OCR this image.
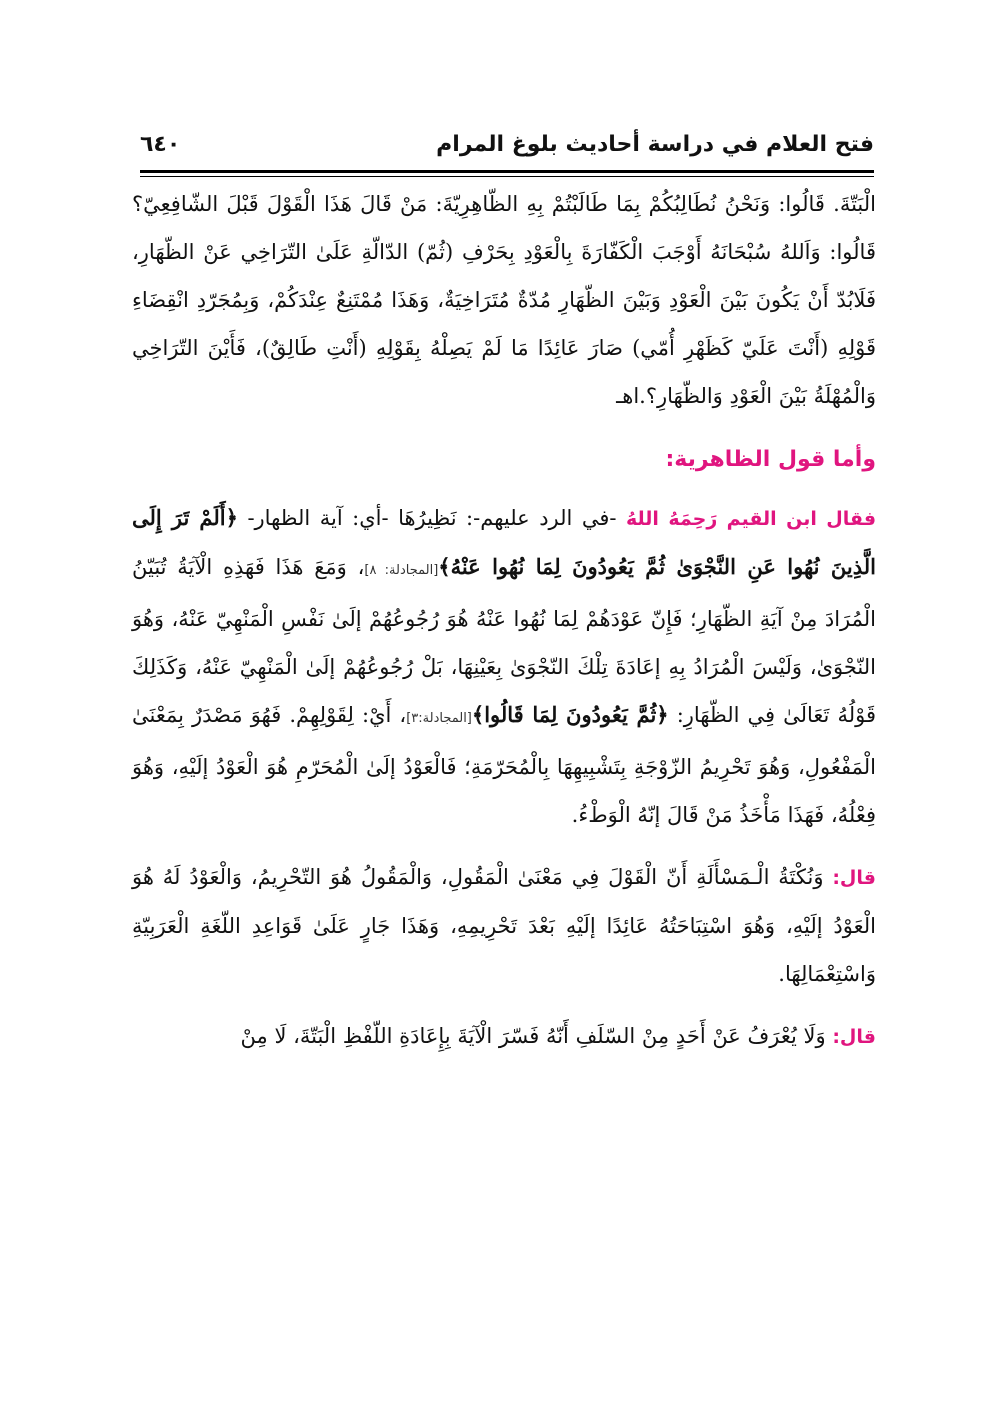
فتح العلام في دراسة أحاديث بلوغ المرام
٦٤٠

الْبَتّةَ. قَالُوا: وَنَحْنُ نُطَالِبُكُمْ بِمَا طَالَبْتُمْ بِهِ الظّاهِرِيّةَ: مَنْ قَالَ هَذَا الْقَوْلَ قَبْلَ الشّافِعِيّ؟ قَالُوا: وَاَللهُ سُبْحَانَهُ أَوْجَبَ الْكَفّارَةَ بِالْعَوْدِ بِحَرْفِ (ثُمّ) الدّالّةِ عَلَىٰ التّرَاخِي عَنْ الظّهَارِ، فَلَابُدّ أَنْ يَكُونَ بَيْنَ الْعَوْدِ وَبَيْنَ الظّهَارِ مُدّةٌ مُتَرَاخِيَةٌ، وَهَذَا مُمْتَنِعٌ عِنْدَكُمْ، وَبِمُجَرّدِ انْقِضَاءِ قَوْلِهِ (أَنْتَ عَلَيّ كَظَهْرِ أُمّي) صَارَ عَائِدًا مَا لَمْ يَصِلْهُ بِقَوْلِهِ (أَنْتِ طَالِقٌ)، فَأَيْنَ التّرَاخِي وَالْمُهْلَةُ بَيْنَ الْعَوْدِ وَالظّهَارِ؟.اهـ

وأما قول الظاهرية:

فقال ابن القيم رَحِمَهُ اللهُ -في الرد عليهم-: نَظِيرُهَا -أي: آية الظهار- ﴿أَلَمْ تَرَ إِلَى الَّذِينَ نُهُوا عَنِ النَّجْوَىٰ ثُمَّ يَعُودُونَ لِمَا نُهُوا عَنْهُ﴾[المجادلة: ٨]، وَمَعَ هَذَا فَهَذِهِ الْآيَةُ تُبَيّنُ الْمُرَادَ مِنْ آيَةِ الظّهَارِ؛ فَإِنّ عَوْدَهُمْ لِمَا نُهُوا عَنْهُ هُوَ رُجُوعُهُمْ إلَىٰ نَفْسِ الْمَنْهِيّ عَنْهُ، وَهُوَ النّجْوَىٰ، وَلَيْسَ الْمُرَادُ بِهِ إعَادَةَ تِلْكَ النّجْوَىٰ بِعَيْنِهَا، بَلْ رُجُوعُهُمْ إلَىٰ الْمَنْهِيّ عَنْهُ، وَكَذَلِكَ قَوْلُهُ تَعَالَىٰ فِي الظّهَارِ: ﴿ثُمَّ يَعُودُونَ لِمَا قَالُوا﴾[المجادلة:٣]، أَيْ: لِقَوْلِهِمْ. فَهُوَ مَصْدَرٌ بِمَعْنَىٰ الْمَفْعُولِ، وَهُوَ تَحْرِيمُ الزّوْجَةِ بِتَشْبِيهِهَا بِالْمُحَرّمَةِ؛ فَالْعَوْدُ إلَىٰ الْمُحَرّمِ هُوَ الْعَوْدُ إلَيْهِ، وَهُوَ فِعْلُهُ، فَهَذَا مَأْخَذُ مَنْ قَالَ إنّهُ الْوَطْءُ.

قال: وَنُكْتَةُ الْـمَسْأَلَةِ أَنّ الْقَوْلَ فِي مَعْنَىٰ الْمَقُولِ، وَالْمَقُولُ هُوَ التّحْرِيمُ، وَالْعَوْدُ لَهُ هُوَ الْعَوْدُ إلَيْهِ، وَهُوَ اسْتِبَاحَتُهُ عَائِدًا إلَيْهِ بَعْدَ تَحْرِيمِهِ، وَهَذَا جَارٍ عَلَىٰ قَوَاعِدِ اللّغَةِ الْعَرَبِيّةِ وَاسْتِعْمَالِهَا.

قال: وَلَا يُعْرَفُ عَنْ أَحَدٍ مِنْ السّلَفِ أَنّهُ فَسّرَ الْآيَةَ بِإِعَادَةِ اللّفْظِ الْبَتّةَ، لَا مِنْ
